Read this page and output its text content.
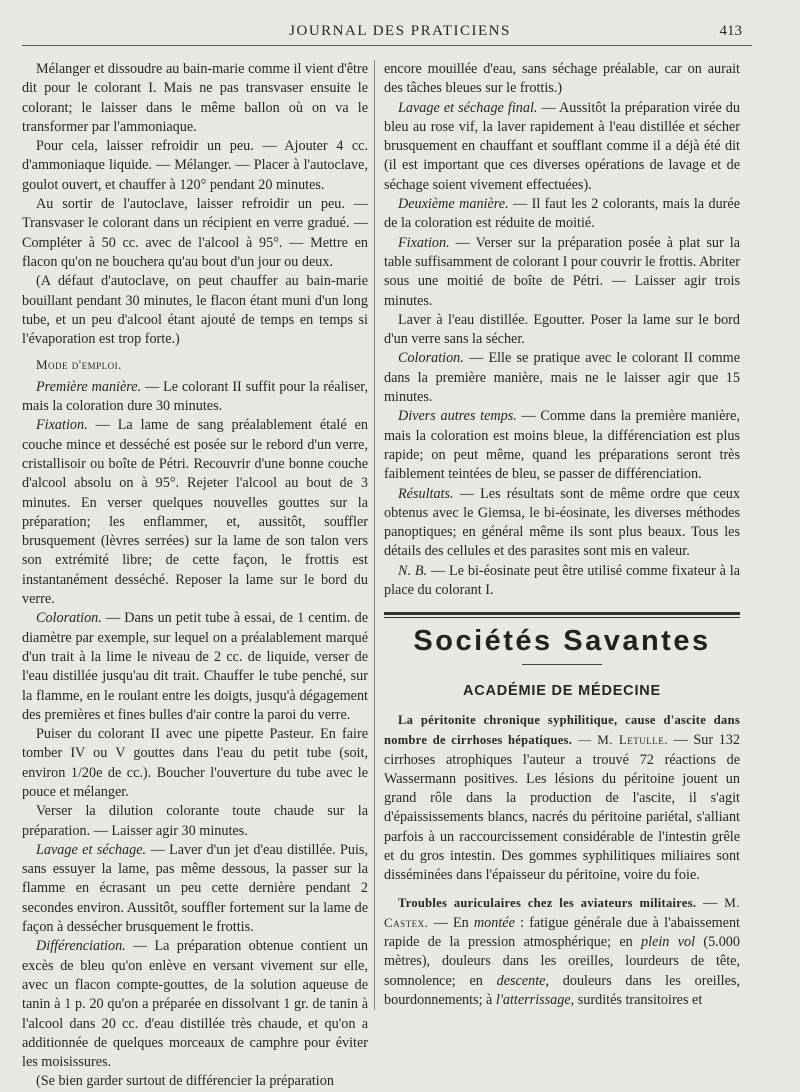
JOURNAL DES PRATICIENS	413

Mélanger et dissoudre au bain-marie comme il vient d'être dit pour le colorant I. Mais ne pas transvaser ensuite le colorant; le laisser dans le même ballon où on va le transformer par l'ammoniaque.

Pour cela, laisser refroidir un peu. — Ajouter 4 cc. d'ammoniaque liquide. — Mélanger. — Placer à l'autoclave, goulot ouvert, et chauffer à 120° pendant 20 minutes.

Au sortir de l'autoclave, laisser refroidir un peu. — Transvaser le colorant dans un récipient en verre gradué. — Compléter à 50 cc. avec de l'alcool à 95°. — Mettre en flacon qu'on ne bouchera qu'au bout d'un jour ou deux.

(A défaut d'autoclave, on peut chauffer au bain-marie bouillant pendant 30 minutes, le flacon étant muni d'un long tube, et un peu d'alcool étant ajouté de temps en temps si l'évaporation est trop forte.)

Mode d'emploi.

Première manière. — Le colorant II suffit pour la réaliser, mais la coloration dure 30 minutes.

Fixation. — La lame de sang préalablement étalé en couche mince et desséché est posée sur le rebord d'un verre, cristallisoir ou boîte de Pétri. Recouvrir d'une bonne couche d'alcool absolu on à 95°. Rejeter l'alcool au bout de 3 minutes. En verser quelques nouvelles gouttes sur la préparation; les enflammer, et, aussitôt, souffler brusquement (lèvres serrées) sur la lame de son talon vers son extrémité libre; de cette façon, le frottis est instantanément desséché. Reposer la lame sur le bord du verre.

Coloration. — Dans un petit tube à essai, de 1 centim. de diamètre par exemple, sur lequel on a préalablement marqué d'un trait à la lime le niveau de 2 cc. de liquide, verser de l'eau distillée jusqu'au dit trait. Chauffer le tube penché, sur la flamme, en le roulant entre les doigts, jusqu'à dégagement des premières et fines bulles d'air contre la paroi du verre.

Puiser du colorant II avec une pipette Pasteur. En faire tomber IV ou V gouttes dans l'eau du petit tube (soit, environ 1/20e de cc.). Boucher l'ouverture du tube avec le pouce et mélanger.

Verser la dilution colorante toute chaude sur la préparation. — Laisser agir 30 minutes.

Lavage et séchage. — Laver d'un jet d'eau distillée. Puis, sans essuyer la lame, pas même dessous, la passer sur la flamme en écrasant un peu cette dernière pendant 2 secondes environ. Aussitôt, souffler fortement sur la lame de façon à dessécher brusquement le frottis.

Différenciation. — La préparation obtenue contient un excès de bleu qu'on enlève en versant vivement sur elle, avec un flacon compte-gouttes, de la solution aqueuse de tanin à 1 p. 20 qu'on a préparée en dissolvant 1 gr. de tanin à l'alcool dans 20 cc. d'eau distillée très chaude, et qu'on a additionnée de quelques morceaux de camphre pour éviter les moisissures.

(Se bien garder surtout de différencier la préparation

encore mouillée d'eau, sans séchage préalable, car on aurait des tâches bleues sur le frottis.)

Lavage et séchage final. — Aussitôt la préparation virée du bleu au rose vif, la laver rapidement à l'eau distillée et sécher brusquement en chauffant et soufflant comme il a déjà été dit (il est important que ces diverses opérations de lavage et de séchage soient vivement effectuées).

Deuxième manière. — Il faut les 2 colorants, mais la durée de la coloration est réduite de moitié.

Fixation. — Verser sur la préparation posée à plat sur la table suffisamment de colorant I pour couvrir le frottis. Abriter sous une moitié de boîte de Pétri. — Laisser agir trois minutes.

Laver à l'eau distillée. Egoutter. Poser la lame sur le bord d'un verre sans la sécher.

Coloration. — Elle se pratique avec le colorant II comme dans la première manière, mais ne le laisser agir que 15 minutes.

Divers autres temps. — Comme dans la première manière, mais la coloration est moins bleue, la différenciation est plus rapide; on peut même, quand les préparations seront très faiblement teintées de bleu, se passer de différenciation.

Résultats. — Les résultats sont de même ordre que ceux obtenus avec le Giemsa, le bi-éosinate, les diverses méthodes panoptiques; en général même ils sont plus beaux. Tous les détails des cellules et des parasites sont mis en valeur.

N. B. — Le bi-éosinate peut être utilisé comme fixateur à la place du colorant I.

Sociétés Savantes
ACADÉMIE DE MÉDECINE

La péritonite chronique syphilitique, cause d'ascite dans nombre de cirrhoses hépatiques. — M. Letulle. — Sur 132 cirrhoses atrophiques l'auteur a trouvé 72 réactions de Wassermann positives. Les lésions du péritoine jouent un grand rôle dans la production de l'ascite, il s'agit d'épaississements blancs, nacrés du péritoine pariétal, s'alliant parfois à un raccourcissement considérable de l'intestin grêle et du gros intestin. Des gommes syphilitiques miliaires sont disséminées dans l'épaisseur du péritoine, voire du foie.

Troubles auriculaires chez les aviateurs militaires. — M. Castex. — En montée : fatigue générale due à l'abaissement rapide de la pression atmosphérique; en plein vol (5.000 mètres), douleurs dans les oreilles, lourdeurs de tête, somnolence; en descente, douleurs dans les oreilles, bourdonnements; à l'atterrissage, surdités transitoires et
